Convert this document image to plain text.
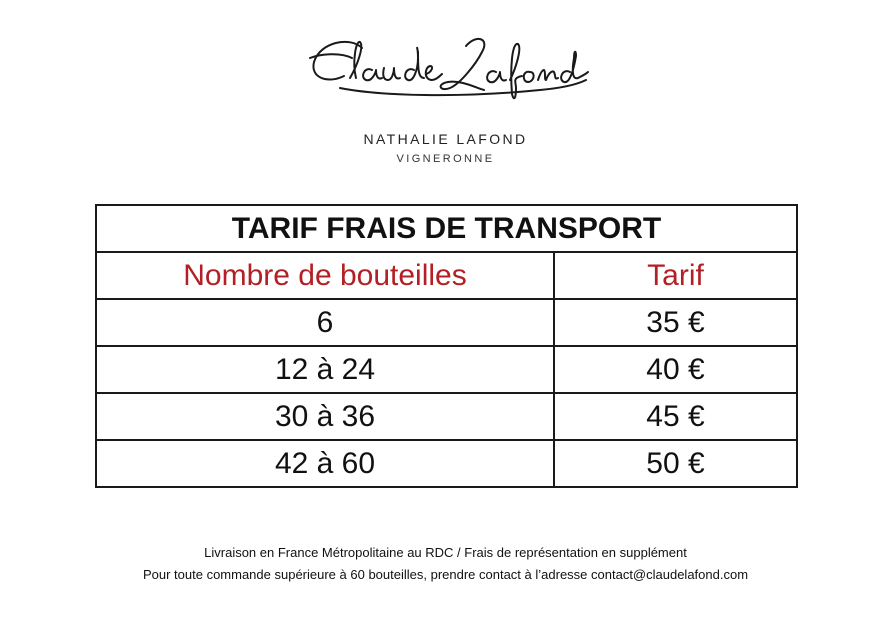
NATHALIE LAFOND
VIGNERONNE
TARIF FRAIS DE TRANSPORT	
Nombre de bouteilles	Tarif
6	35 €
12 à 24	40 €
30 à 36	45 €
42 à 60	50 €
Livraison en France Métropolitaine au RDC / Frais de représentation en supplément
Pour toute commande supérieure à 60 bouteilles, prendre contact à l’adresse contact@claudelafond.com
